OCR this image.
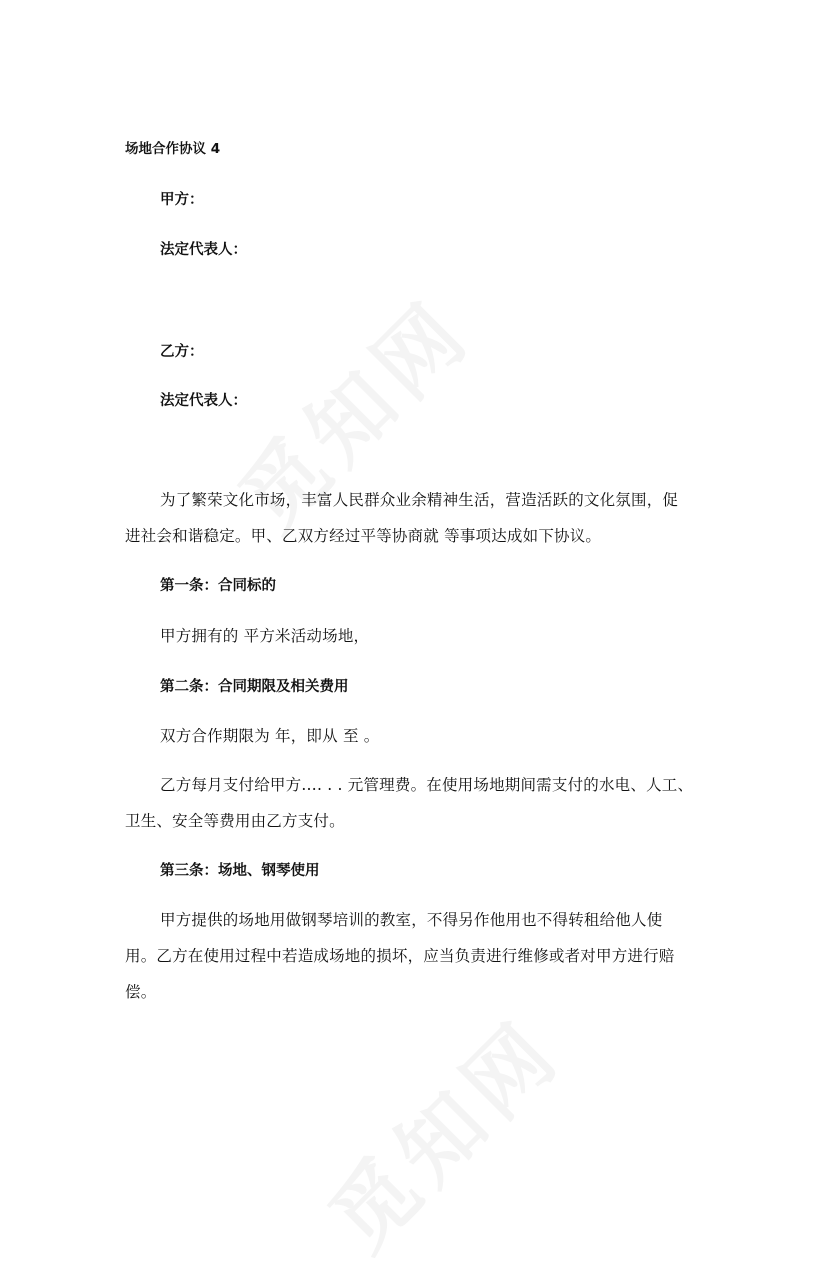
场地合作协议 4
甲方：
法定代表人：
乙方：
法定代表人：
为了繁荣文化市场，丰富人民群众业余精神生活，营造活跃的文化氛围，促
进社会和谐稳定。甲、乙双方经过平等协商就 等事项达成如下协议。
第一条：合同标的
甲方拥有的 平方米活动场地，
第二条：合同期限及相关费用
双方合作期限为 年，即从 至 。
乙方每月支付给甲方…. . . 元管理费。在使用场地期间需支付的水电、人工、
卫生、安全等费用由乙方支付。
第三条：场地、钢琴使用
甲方提供的场地用做钢琴培训的教室，不得另作他用也不得转租给他人使
用。乙方在使用过程中若造成场地的损坏，应当负责进行维修或者对甲方进行赔
偿。
